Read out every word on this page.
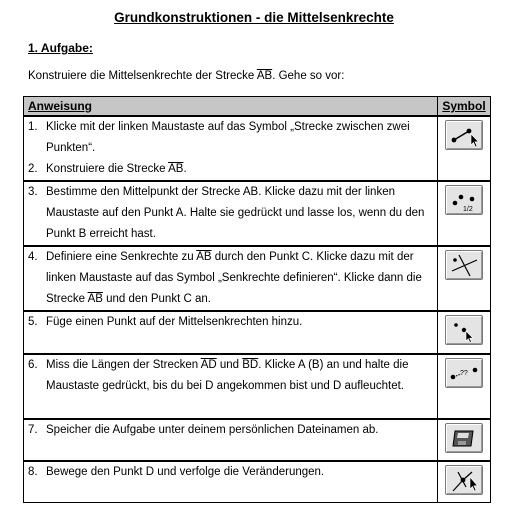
Grundkonstruktionen - die Mittelsenkrechte
1. Aufgabe:
Konstruiere die Mittelsenkrechte der Strecke $\overline{AB}$. Gehe so vor:
Anweisung	Symbol

1. Klicke mit der linken Maustaste auf das Symbol „Strecke zwischen zwei Punkten“.
2. Konstruiere die Strecke $\overline{AB}$.

3. Bestimme den Mittelpunkt der Strecke AB. Klicke dazu mit der linken Maustaste auf den Punkt A. Halte sie gedrückt und lasse los, wenn du den Punkt B erreicht hast.	1/2

4. Definiere eine Senkrechte zu $\overline{AB}$ durch den Punkt C. Klicke dazu mit der linken Maustaste auf das Symbol „Senkrechte definieren“. Klicke dann die Strecke $\overline{AB}$ und den Punkt C an.

5. Füge einen Punkt auf der Mittelsenkrechten hinzu.

6. Miss die Längen der Strecken $\overline{AD}$ und $\overline{BD}$. Klicke A (B) an und halte die Maustaste gedrückt, bis du bei D angekommen bist und D aufleuchtet.	??

7. Speicher die Aufgabe unter deinem persönlichen Dateinamen ab.

8. Bewege den Punkt D und verfolge die Veränderungen.
